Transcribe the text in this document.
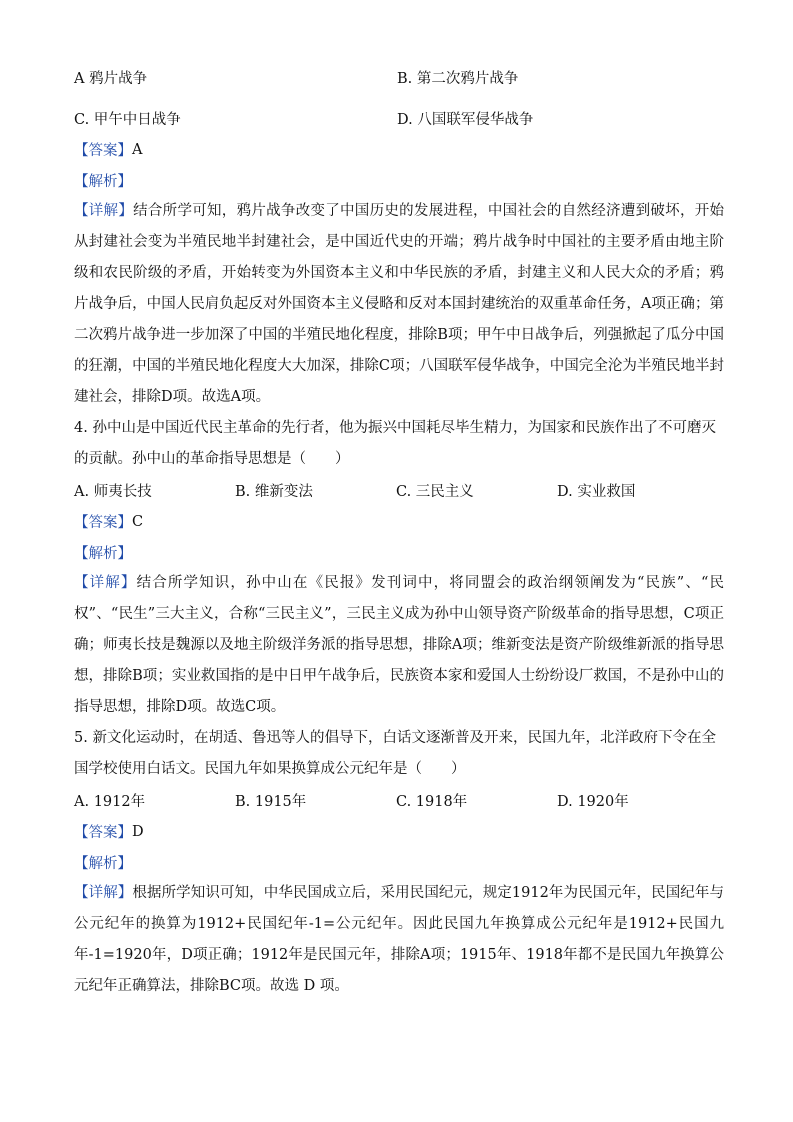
A 鸦片战争	B. 第二次鸦片战争
C. 甲午中日战争	D. 八国联军侵华战争
【答案】 A
【解析】
【详解】结合所学可知，鸦片战争改变了中国历史的发展进程，中国社会的自然经济遭到破坏，开始从封建社会变为半殖民地半封建社会，是中国近代史的开端；鸦片战争时中国社的主要矛盾由地主阶级和农民阶级的矛盾，开始转变为外国资本主义和中华民族的矛盾，封建主义和人民大众的矛盾；鸦片战争后，中国人民肩负起反对外国资本主义侵略和反对本国封建统治的双重革命任务，A项正确；第二次鸦片战争进一步加深了中国的半殖民地化程度，排除B项；甲午中日战争后，列强掀起了瓜分中国的狂潮，中国的半殖民地化程度大大加深，排除C项；八国联军侵华战争，中国完全沦为半殖民地半封建社会，排除D项。故选A项。
4. 孙中山是中国近代民主革命的先行者，他为振兴中国耗尽毕生精力，为国家和民族作出了不可磨灭的贡献。孙中山的革命指导思想是（　　）
A. 师夷长技	B. 维新变法	C. 三民主义	D. 实业救国
【答案】 C
【解析】
【详解】结合所学知识，孙中山在《民报》发刊词中，将同盟会的政治纲领阐发为“民族”、“民权”、“民生”三大主义，合称“三民主义”，三民主义成为孙中山领导资产阶级革命的指导思想，C项正确；师夷长技是魏源以及地主阶级洋务派的指导思想，排除A项；维新变法是资产阶级维新派的指导思想，排除B项；实业救国指的是中日甲午战争后，民族资本家和爱国人士纷纷设厂救国，不是孙中山的指导思想，排除D项。故选C项。
5. 新文化运动时，在胡适、鲁迅等人的倡导下，白话文逐渐普及开来，民国九年，北洋政府下令在全国学校使用白话文。民国九年如果换算成公元纪年是（　　）
A. 1912年	B. 1915年	C. 1918年	D. 1920年
【答案】 D
【解析】
【详解】根据所学知识可知，中华民国成立后，采用民国纪元，规定1912年为民国元年，民国纪年与公元纪年的换算为1912+民国纪年-1=公元纪年。因此民国九年换算成公元纪年是1912+民国九年-1=1920年，D项正确；1912年是民国元年，排除A项；1915年、1918年都不是民国九年换算公元纪年正确算法，排除BC项。故选 D 项。
